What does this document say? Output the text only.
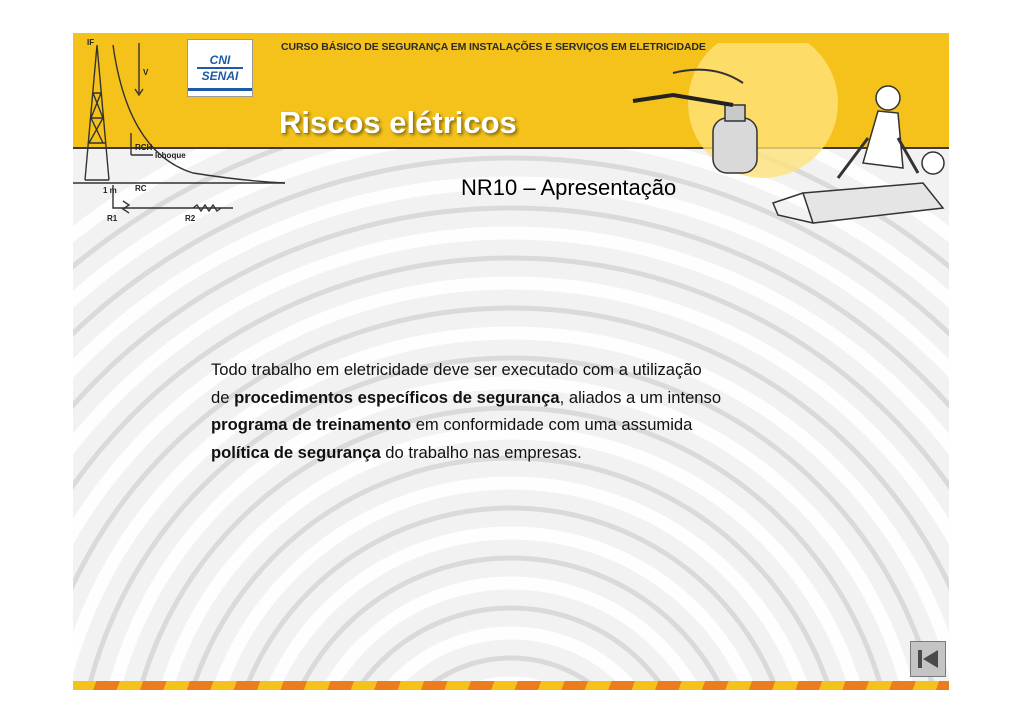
IF
V
RCH
Ichoque
1 m RC
R1	R2
CNI
SENAI
CURSO BÁSICO DE SEGURANÇA EM INSTALAÇÕES E SERVIÇOS EM ELETRICIDADE
Riscos elétricos
NR10 – Apresentação

Todo trabalho em eletricidade deve ser executado com a utilização

de procedimentos específicos de segurança, aliados a um intenso

programa de treinamento em conformidade com uma assumida

política de segurança do trabalho nas empresas.
